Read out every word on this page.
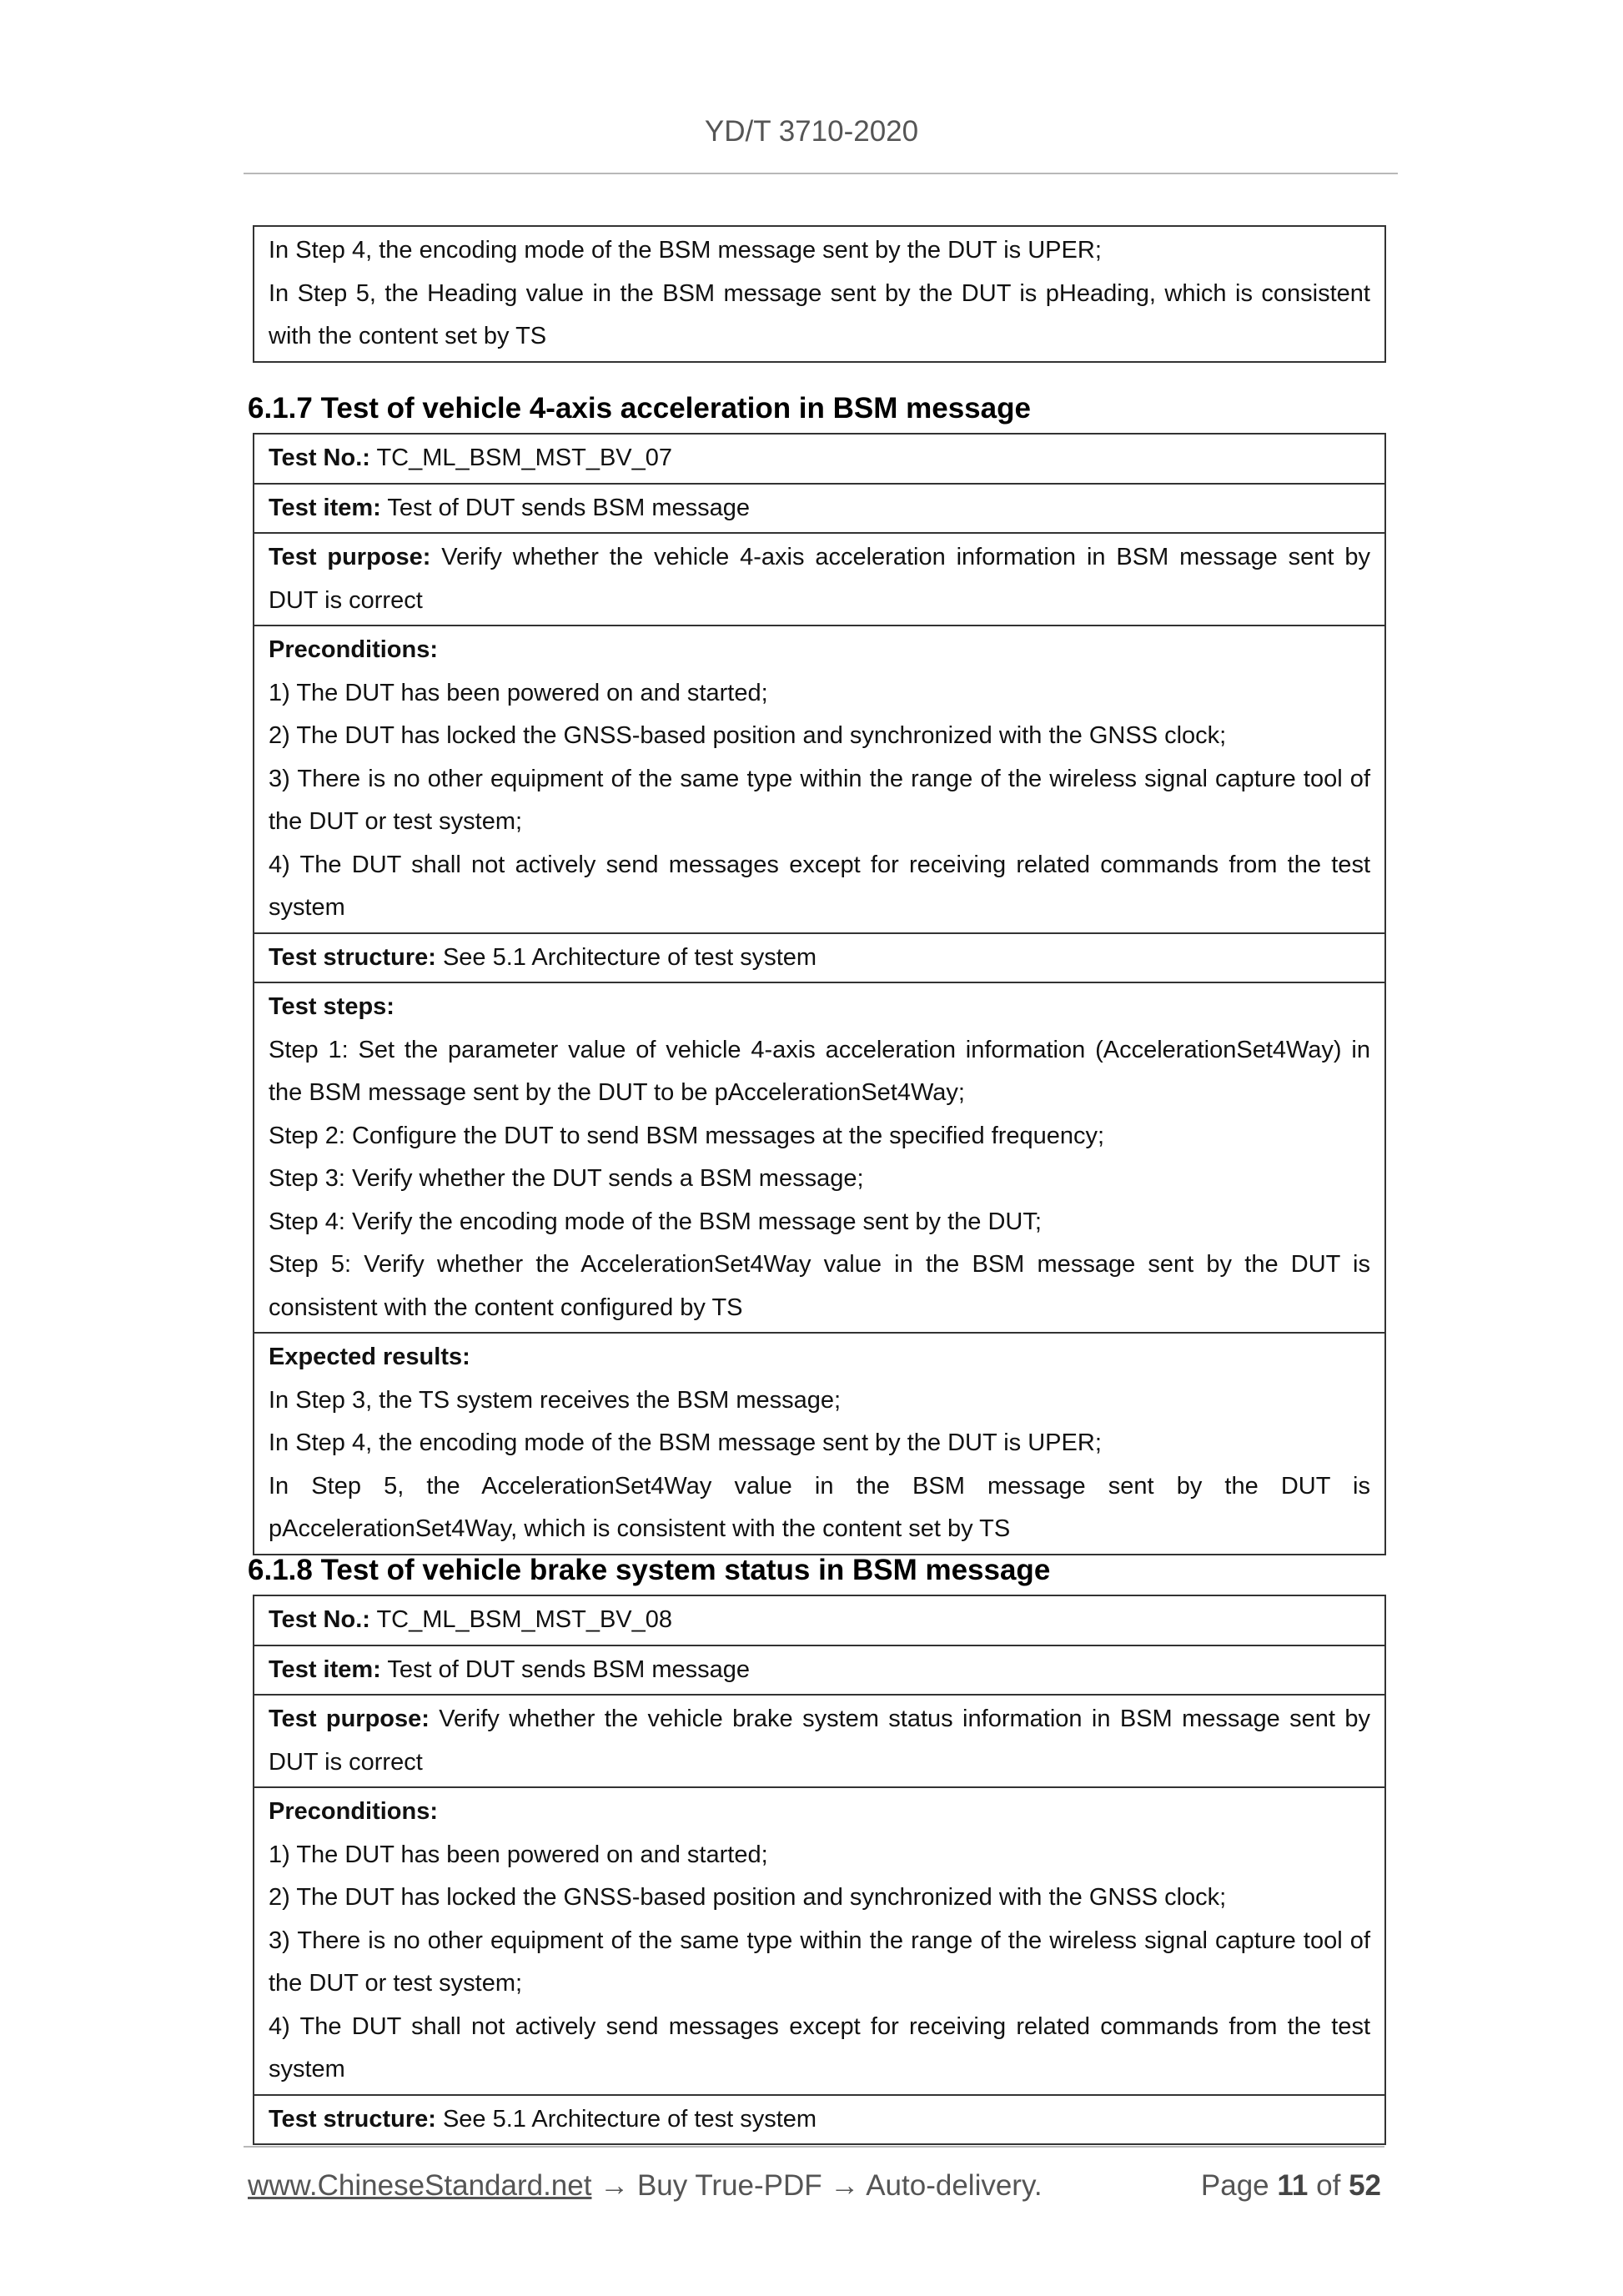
YD/T 3710-2020
In Step 4, the encoding mode of the BSM message sent by the DUT is UPER;
In Step 5, the Heading value in the BSM message sent by the DUT is pHeading, which is consistent with the content set by TS
6.1.7 Test of vehicle 4-axis acceleration in BSM message
Test No.: TC_ML_BSM_MST_BV_07
Test item: Test of DUT sends BSM message
Test purpose: Verify whether the vehicle 4-axis acceleration information in BSM message sent by DUT is correct

Preconditions:
1) The DUT has been powered on and started;
2) The DUT has locked the GNSS-based position and synchronized with the GNSS clock;
3) There is no other equipment of the same type within the range of the wireless signal capture tool of the DUT or test system;
4) The DUT shall not actively send messages except for receiving related commands from the test system

Test structure: See 5.1 Architecture of test system

Test steps:
Step 1: Set the parameter value of vehicle 4-axis acceleration information (AccelerationSet4Way) in the BSM message sent by the DUT to be pAccelerationSet4Way;
Step 2: Configure the DUT to send BSM messages at the specified frequency;
Step 3: Verify whether the DUT sends a BSM message;
Step 4: Verify the encoding mode of the BSM message sent by the DUT;
Step 5: Verify whether the AccelerationSet4Way value in the BSM message sent by the DUT is consistent with the content configured by TS

Expected results:
In Step 3, the TS system receives the BSM message;
In Step 4, the encoding mode of the BSM message sent by the DUT is UPER;
In Step 5, the AccelerationSet4Way value in the BSM message sent by the DUT is pAccelerationSet4Way, which is consistent with the content set by TS
6.1.8 Test of vehicle brake system status in BSM message
Test No.: TC_ML_BSM_MST_BV_08
Test item: Test of DUT sends BSM message
Test purpose: Verify whether the vehicle brake system status information in BSM message sent by DUT is correct

Preconditions:
1) The DUT has been powered on and started;
2) The DUT has locked the GNSS-based position and synchronized with the GNSS clock;
3) There is no other equipment of the same type within the range of the wireless signal capture tool of the DUT or test system;
4) The DUT shall not actively send messages except for receiving related commands from the test system

Test structure: See 5.1 Architecture of test system
www.ChineseStandard.net → Buy True-PDF → Auto-delivery.	Page 11 of 52
